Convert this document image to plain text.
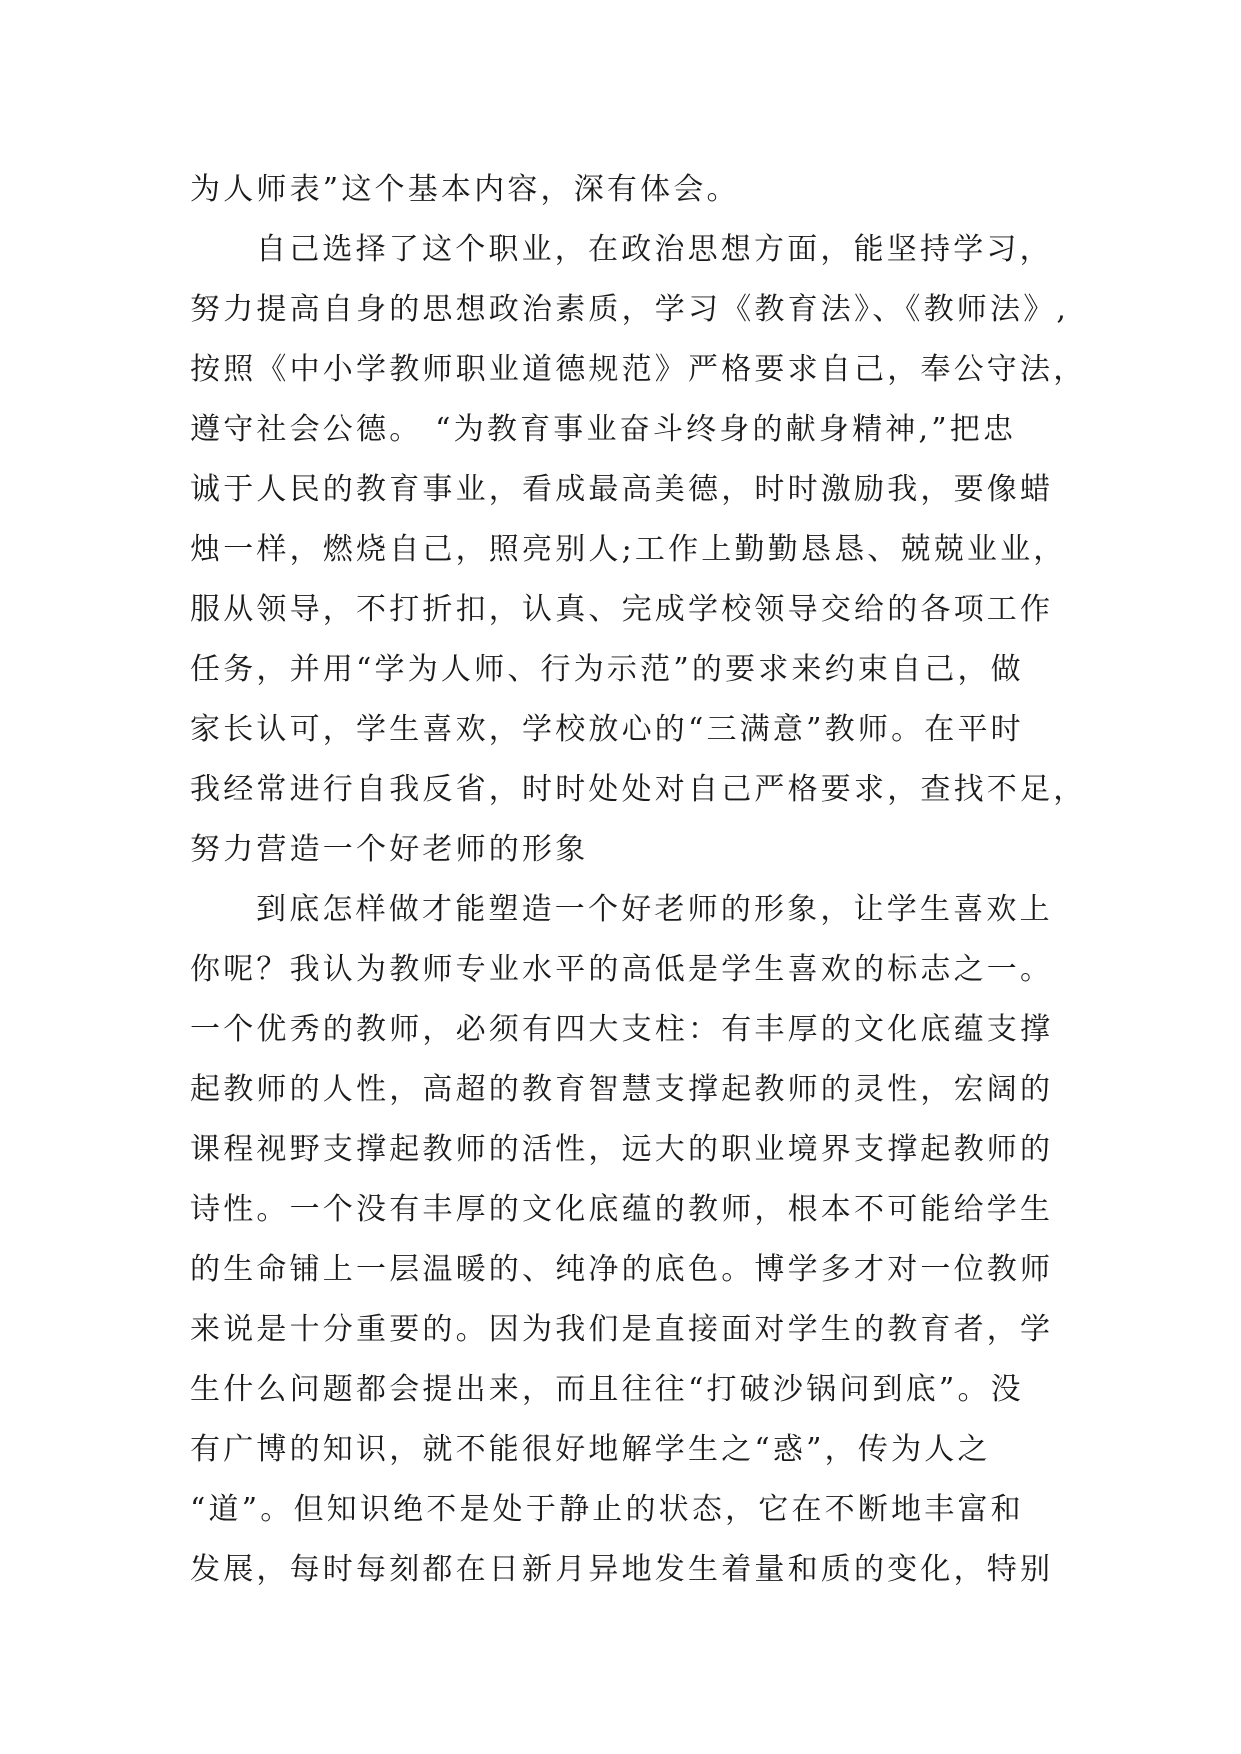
为人师表”这个基本内容，深有体会。
自己选择了这个职业，在政治思想方面，能坚持学习，
努力提高自身的思想政治素质，学习《教育法》、《教师法》,
按照《中小学教师职业道德规范》严格要求自己，奉公守法，
遵守社会公德。 “为教育事业奋斗终身的献身精神,”把忠
诚于人民的教育事业，看成最高美德，时时激励我，要像蜡
烛一样，燃烧自己，照亮别人;工作上勤勤恳恳、兢兢业业，
服从领导，不打折扣，认真、完成学校领导交给的各项工作
任务，并用“学为人师、行为示范”的要求来约束自己，做
家长认可，学生喜欢，学校放心的“三满意”教师。在平时
我经常进行自我反省，时时处处对自己严格要求，查找不足，
努力营造一个好老师的形象
到底怎样做才能塑造一个好老师的形象，让学生喜欢上
你呢？我认为教师专业水平的高低是学生喜欢的标志之一。
一个优秀的教师，必须有四大支柱：有丰厚的文化底蕴支撑
起教师的人性，高超的教育智慧支撑起教师的灵性，宏阔的
课程视野支撑起教师的活性，远大的职业境界支撑起教师的
诗性。一个没有丰厚的文化底蕴的教师，根本不可能给学生
的生命铺上一层温暖的、纯净的底色。博学多才对一位教师
来说是十分重要的。因为我们是直接面对学生的教育者，学
生什么问题都会提出来，而且往往“打破沙锅问到底”。没
有广博的知识，就不能很好地解学生之“惑”，传为人之
“道”。但知识绝不是处于静止的状态，它在不断地丰富和
发展，每时每刻都在日新月异地发生着量和质的变化，特别
